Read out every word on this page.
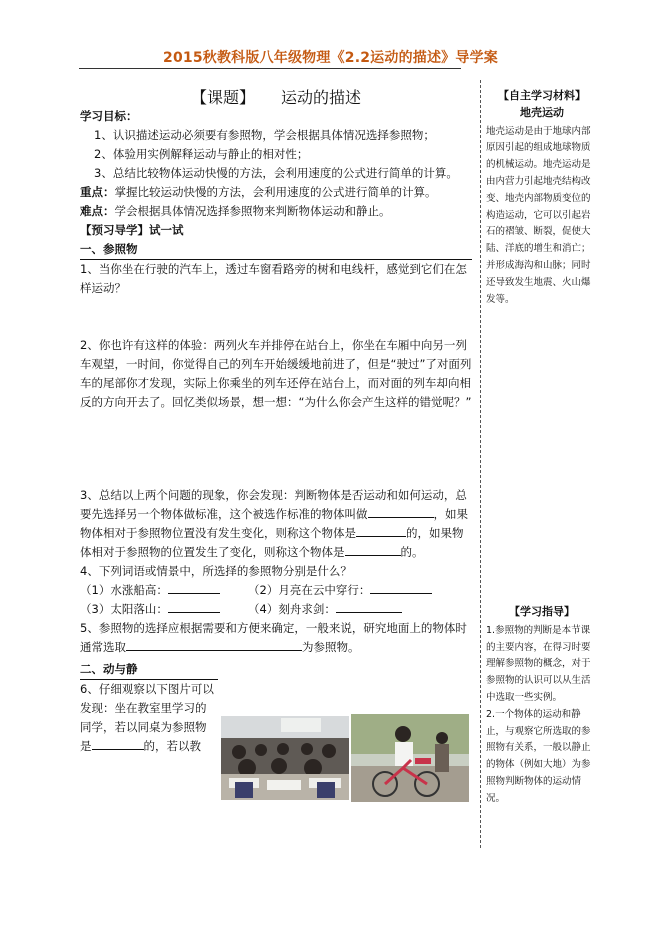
2015秋教科版八年级物理《2.2运动的描述》导学案

【课题】 运动的描述

学习目标：

1、认识描述运动必须要有参照物，学会根据具体情况选择参照物；

2、体验用实例解释运动与静止的相对性；

3、总结比较物体运动快慢的方法，会利用速度的公式进行简单的计算。

重点：掌握比较运动快慢的方法，会利用速度的公式进行简单的计算。

难点：学会根据具体情况选择参照物来判断物体运动和静止。

【预习导学】试一试

一、参照物

1、当你坐在行驶的汽车上，透过车窗看路旁的树和电线杆，感觉到它们在怎样运动？

2、你也许有这样的体验：两列火车并排停在站台上，你坐在车厢中向另一列车观望，一时间，你觉得自己的列车开始缓缓地前进了，但是“驶过”了对面列车的尾部你才发现，实际上你乘坐的列车还停在站台上，而对面的列车却向相反的方向开去了。回忆类似场景，想一想：“为什么你会产生这样的错觉呢？”

3、总结以上两个问题的现象，你会发现：判断物体是否运动和如何运动，总要先选择另一个物体做标准，这个被选作标准的物体叫做	，如果物体相对于参照物位置没有发生变化，则称这个物体是	的，如果物体相对于参照物的位置发生了变化，则称这个物体是	的。

4、下列词语或情景中，所选择的参照物分别是什么？

（1）水涨船高：	（2）月亮在云中穿行：
（3）太阳落山：	（4）刻舟求剑：

5、参照物的选择应根据需要和方便来确定，一般来说，研究地面上的物体时通常选取	为参照物。

二、动与静

6、仔细观察以下图片可以

发现：坐在教室里学习的

同学，若以同桌为参照物

是	的，若以教

【自主学习材料】

地壳运动

地壳运动是由于地球内部原因引起的组成地球物质的机械运动。地壳运动是由内营力引起地壳结构改变、地壳内部物质变位的构造运动，它可以引起岩石的褶皱、断裂，促使大陆、洋底的增生和消亡；并形成海沟和山脉；同时还导致发生地震、火山爆发等。

【学习指导】

1.参照物的判断是本节课的主要内容，在得习时要理解参照物的概念，对于参照物的认识可以从生活中选取一些实例。

2.一个物体的运动和静止，与观察它所选取的参照物有关系，一般以静止的物体（例如大地）为参照物判断物体的运动情况。
